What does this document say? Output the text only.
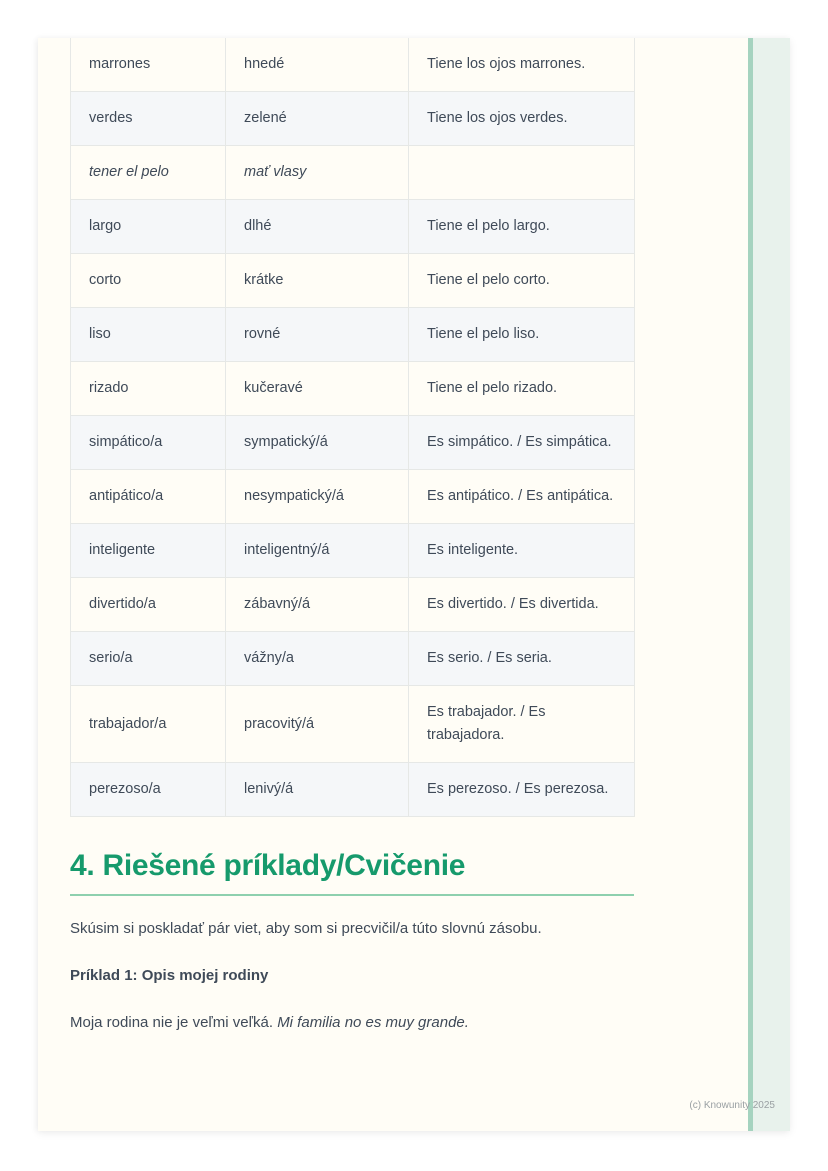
marrones	hnedé	Tiene los ojos marrones.
verdes	zelené	Tiene los ojos verdes.
tener el pelo	mať vlasy	
largo	dlhé	Tiene el pelo largo.
corto	krátke	Tiene el pelo corto.
liso	rovné	Tiene el pelo liso.
rizado	kučeravé	Tiene el pelo rizado.
simpático/a	sympatický/á	Es simpático. / Es simpática.
antipático/a	nesympatický/á	Es antipático. / Es antipática.
inteligente	inteligentný/á	Es inteligente.
divertido/a	zábavný/á	Es divertido. / Es divertida.
serio/a	vážny/a	Es serio. / Es seria.
trabajador/a	pracovitý/á	Es trabajador. / Es trabajadora.
perezoso/a	lenivý/á	Es perezoso. / Es perezosa.
4. Riešené príklady/Cvičenie

Skúsim si poskladať pár viet, aby som si precvičil/a túto slovnú zásobu.

Príklad 1: Opis mojej rodiny

Moja rodina nie je veľmi veľká. Mi familia no es muy grande.

(c) Knowunity 2025
